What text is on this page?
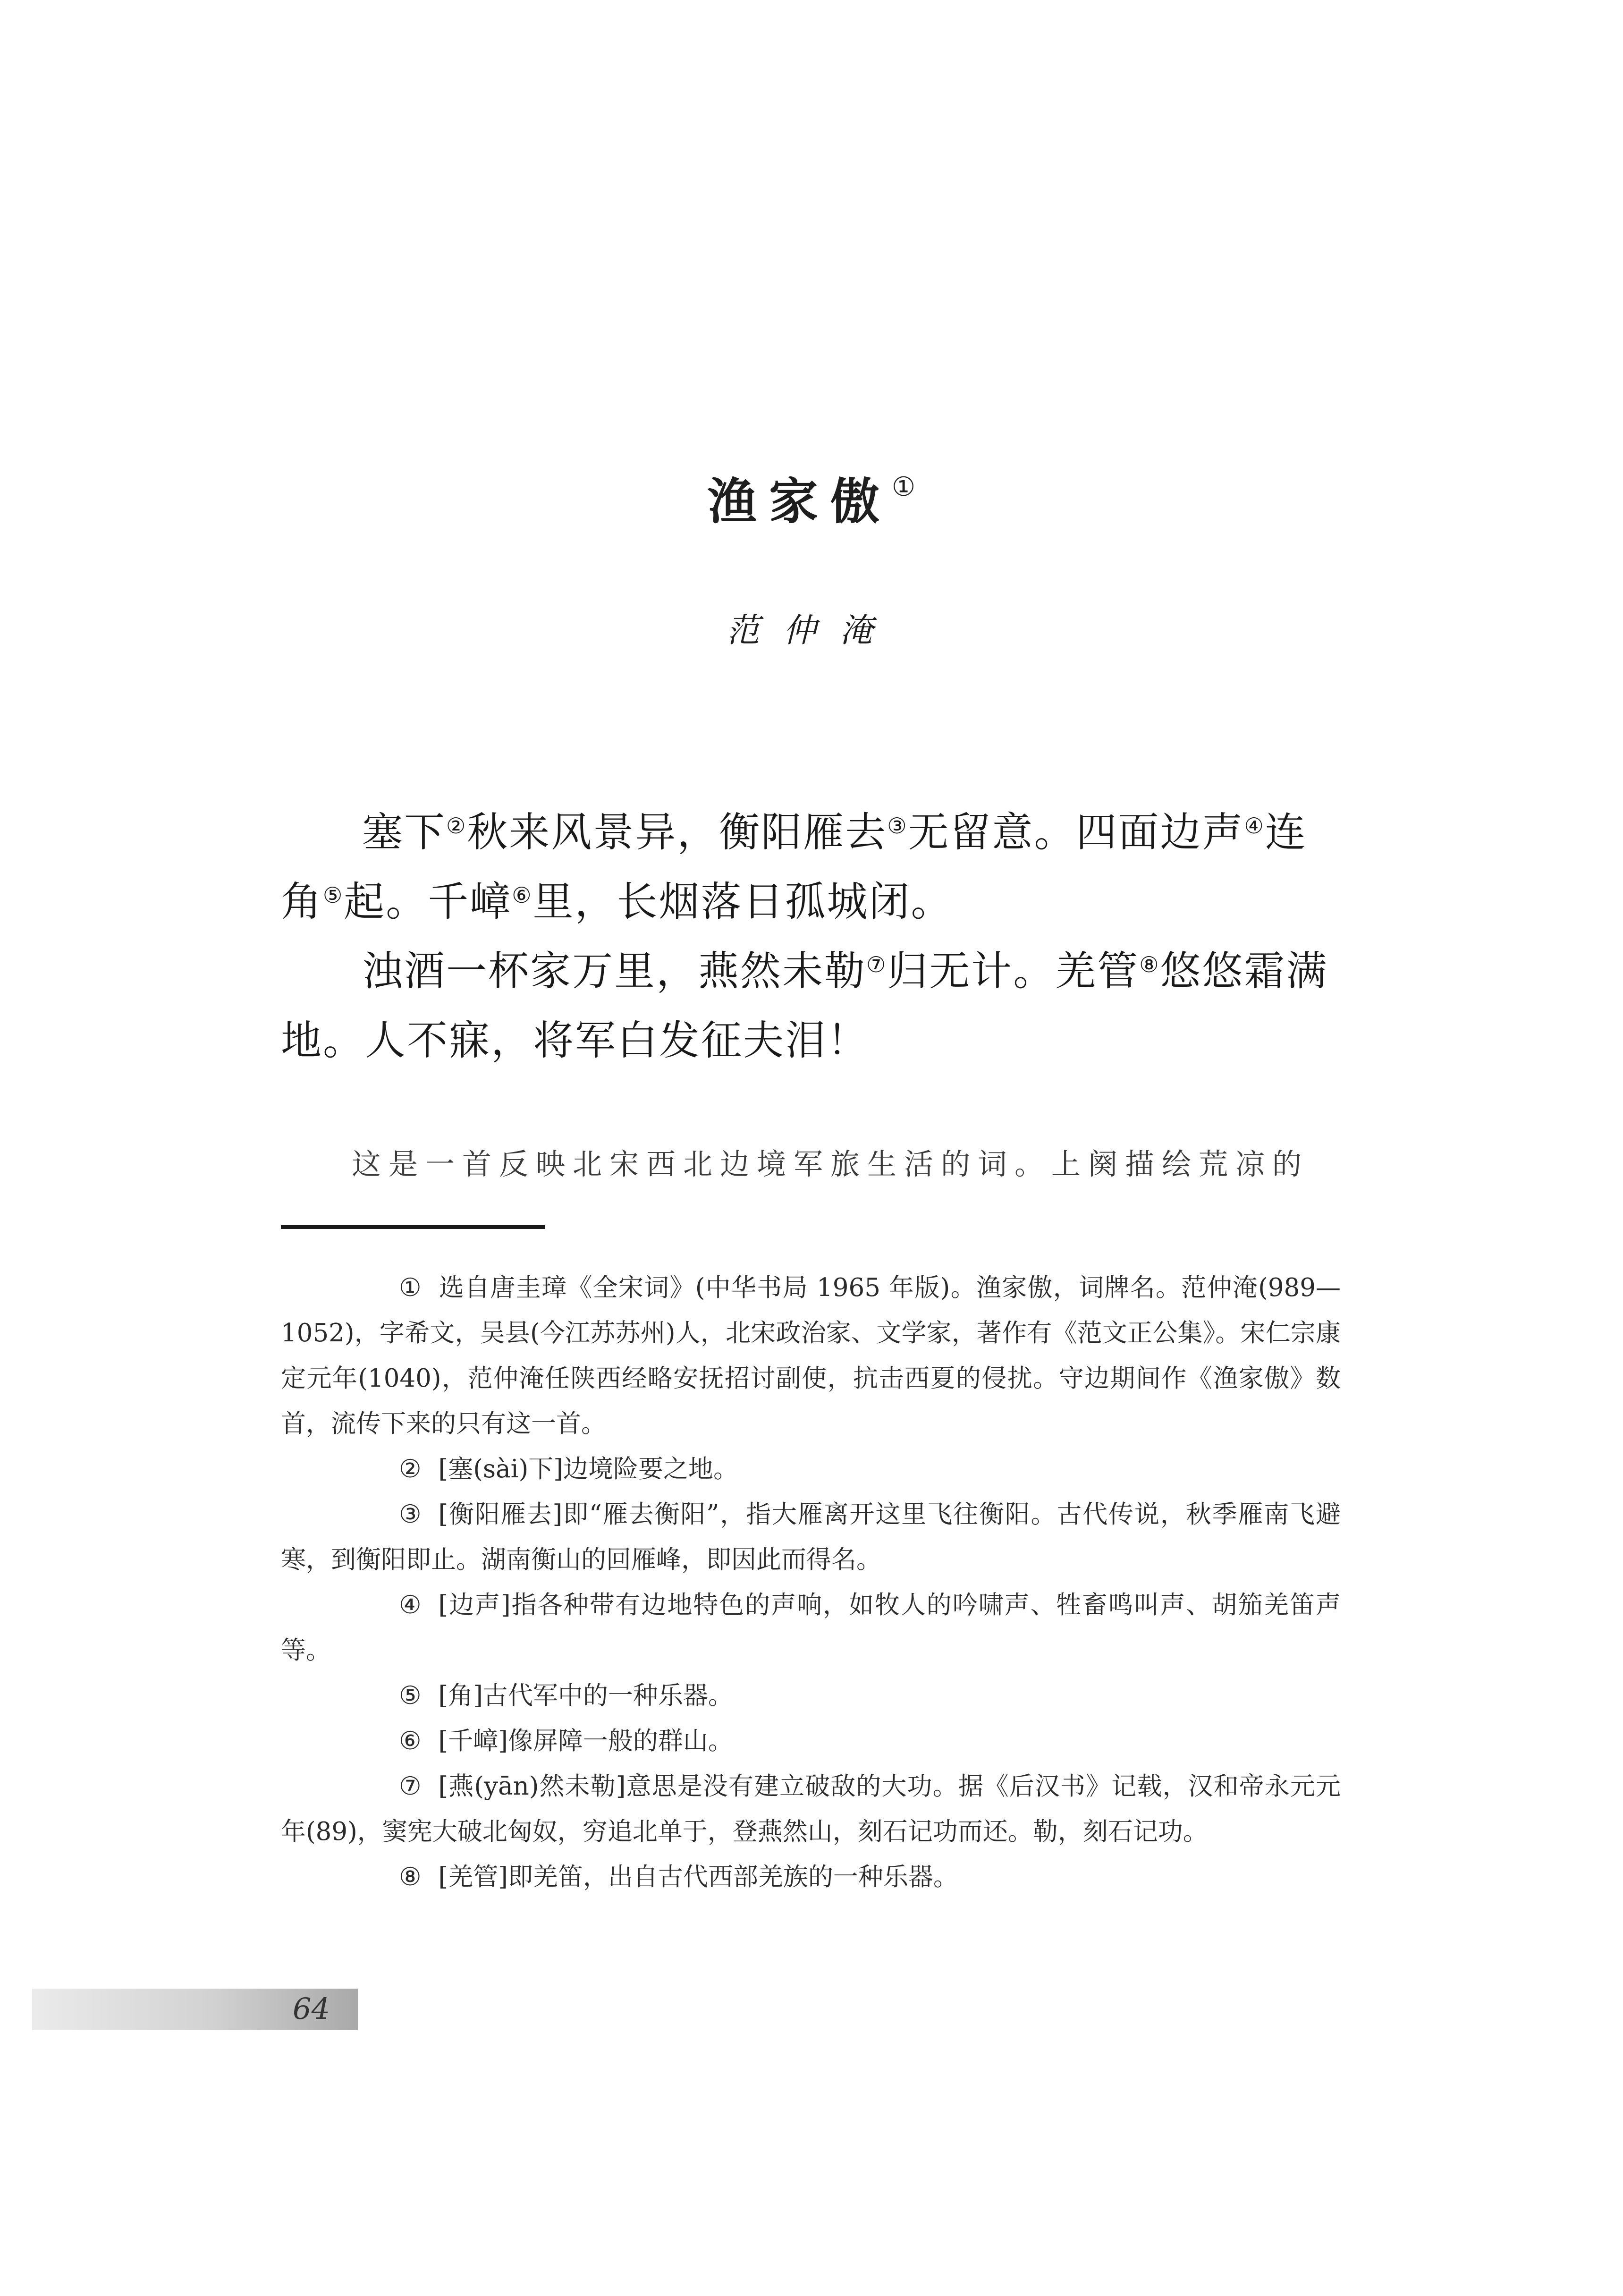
渔家傲①
范仲淹

塞下②秋来风景异，衡阳雁去③无留意。四面边声④连角⑤起。千嶂⑥里，长烟落日孤城闭。

浊酒一杯家万里，燕然未勒⑦归无计。羌管⑧悠悠霜满地。人不寐，将军白发征夫泪！

这是一首反映北宋西北边境军旅生活的词。上阕描绘荒凉的

① 选自唐圭璋《全宋词》(中华书局 1965 年版)。渔家傲，词牌名。范仲淹(989—1052)，字希文，吴县(今江苏苏州)人，北宋政治家、文学家，著作有《范文正公集》。宋仁宗康定元年(1040)，范仲淹任陕西经略安抚招讨副使，抗击西夏的侵扰。守边期间作《渔家傲》数首，流传下来的只有这一首。

② [塞(sài)下]边境险要之地。

③ [衡阳雁去]即“雁去衡阳”，指大雁离开这里飞往衡阳。古代传说，秋季雁南飞避寒，到衡阳即止。湖南衡山的回雁峰，即因此而得名。

④ [边声]指各种带有边地特色的声响，如牧人的吟啸声、牲畜鸣叫声、胡笳羌笛声等。

⑤ [角]古代军中的一种乐器。

⑥ [千嶂]像屏障一般的群山。

⑦ [燕(yān)然未勒]意思是没有建立破敌的大功。据《后汉书》记载，汉和帝永元元年(89)，窦宪大破北匈奴，穷追北单于，登燕然山，刻石记功而还。勒，刻石记功。

⑧ [羌管]即羌笛，出自古代西部羌族的一种乐器。

64
